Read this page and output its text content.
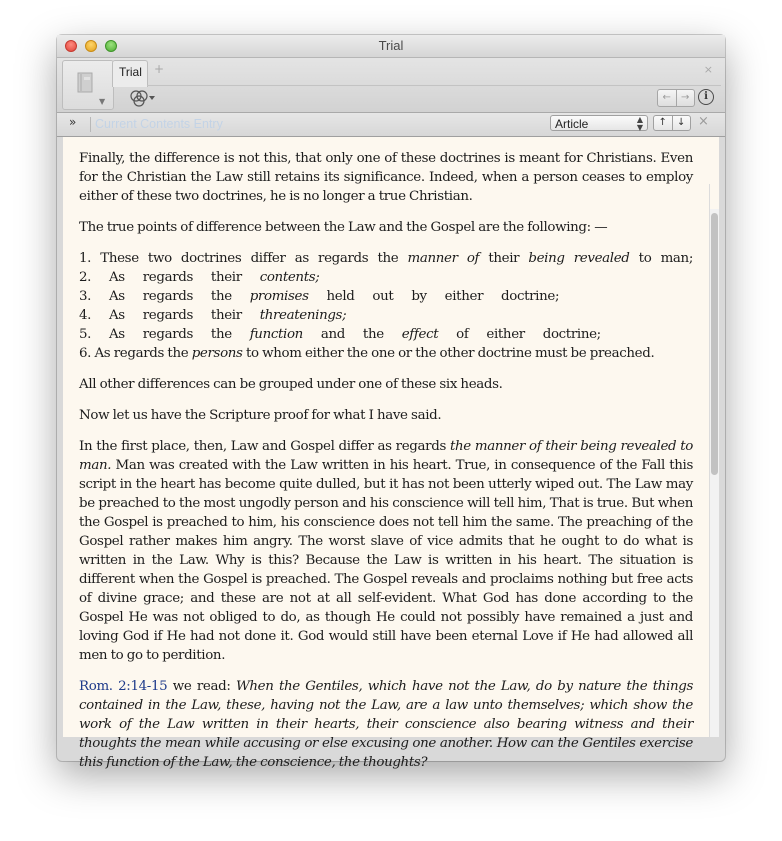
Trial
▼
Trial +	×
←	→	i
» Current Contents Entry	Article	▲
▼	↑	↓ ×

Finally, the difference is not this, that only one of these doctrines is meant for Christians. Even for the Christian the Law still retains its significance. Indeed, when a person ceases to employ either of these two doctrines, he is no longer a true Christian.

The true points of difference between the Law and the Gospel are the following: —

1. These two doctrines differ as regards the manner of their being revealed to man;
2. As regards their contents;
3. As regards the promises held out by either doctrine;
4. As regards their threatenings;
5. As regards the function and the effect of either doctrine;
6. As regards the persons to whom either the one or the other doctrine must be preached.

All other differences can be grouped under one of these six heads.

Now let us have the Scripture proof for what I have said.

In the first place, then, Law and Gospel differ as regards the manner of their being revealed to man. Man was created with the Law written in his heart. True, in consequence of the Fall this script in the heart has become quite dulled, but it has not been utterly wiped out. The Law may be preached to the most ungodly person and his conscience will tell him, That is true. But when the Gospel is preached to him, his conscience does not tell him the same. The preaching of the Gospel rather makes him angry. The worst slave of vice admits that he ought to do what is written in the Law. Why is this? Because the Law is written in his heart. The situation is different when the Gospel is preached. The Gospel reveals and proclaims nothing but free acts of divine grace; and these are not at all self-evident. What God has done according to the Gospel He was not obliged to do, as though He could not possibly have remained a just and loving God if He had not done it. God would still have been eternal Love if He had allowed all men to go to perdition.

Rom. 2:14-15 we read: When the Gentiles, which have not the Law, do by nature the things contained in the Law, these, having not the Law, are a law unto themselves; which show the work of the Law written in their hearts, their conscience also bearing witness and their thoughts the mean while accusing or else excusing one another. How can the Gentiles exercise this function of the Law, the conscience, the thoughts?
